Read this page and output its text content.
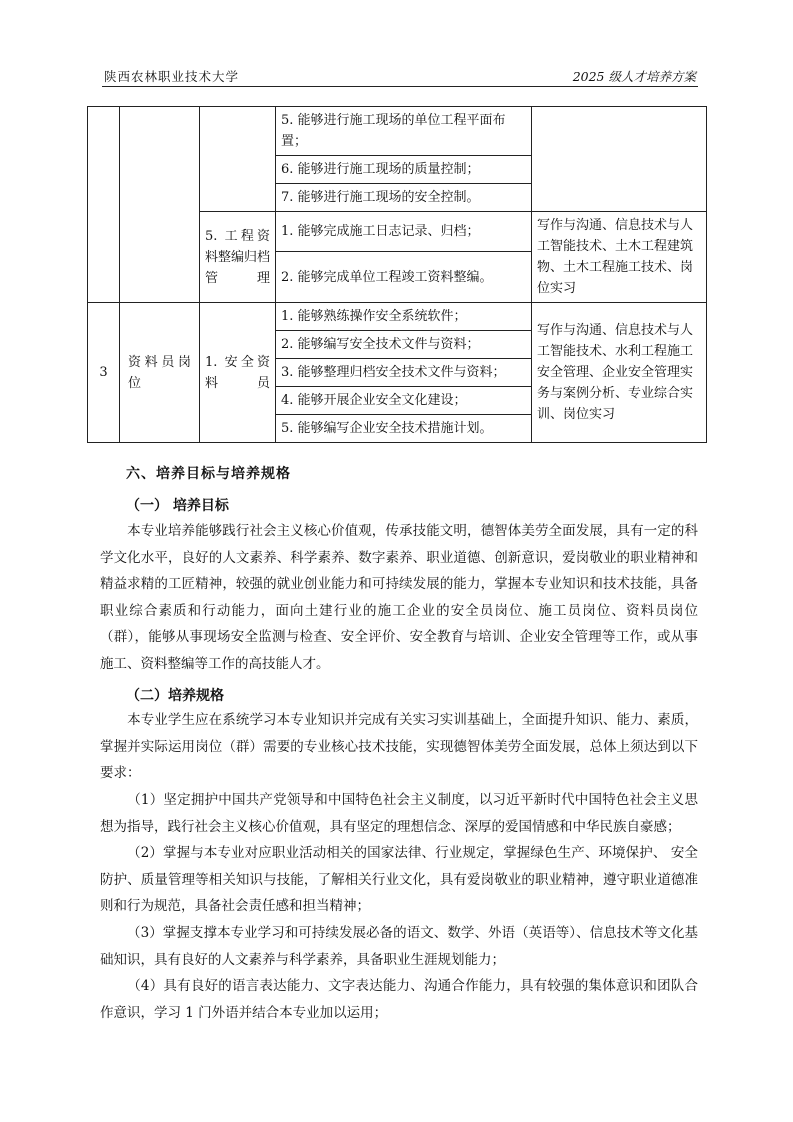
陕西农林职业技术大学	2025 级人才培养方案
			5. 能够进行施工现场的单位工程平面布置；	
			6. 能够进行施工现场的质量控制；	
			7. 能够进行施工现场的安全控制。	
		5. 工程资料整编归档管理	1. 能够完成施工日志记录、归档；	写作与沟通、信息技术与人工智能技术、土木工程建筑物、土木工程施工技术、岗位实习
			2. 能够完成单位工程竣工资料整编。	
3	资料员岗位	1. 安全资料员	1. 能够熟练操作安全系统软件；	写作与沟通、信息技术与人工智能技术、水利工程施工安全管理、企业安全管理实务与案例分析、专业综合实训、岗位实习
			2. 能够编写安全技术文件与资料；	
			3. 能够整理归档安全技术文件与资料；	
			4. 能够开展企业安全文化建设；	
			5. 能够编写企业安全技术措施计划。	
六、培养目标与培养规格
（一） 培养目标
本专业培养能够践行社会主义核心价值观，传承技能文明，德智体美劳全面发展，具有一定的科学文化水平，良好的人文素养、科学素养、数字素养、职业道德、创新意识，爱岗敬业的职业精神和精益求精的工匠精神，较强的就业创业能力和可持续发展的能力，掌握本专业知识和技术技能，具备职业综合素质和行动能力，面向土建行业的施工企业的安全员岗位、施工员岗位、资料员岗位（群），能够从事现场安全监测与检查、安全评价、安全教育与培训、企业安全管理等工作，或从事施工、资料整编等工作的高技能人才。
（二）培养规格
本专业学生应在系统学习本专业知识并完成有关实习实训基础上，全面提升知识、能力、素质，掌握并实际运用岗位（群）需要的专业核心技术技能，实现德智体美劳全面发展，总体上须达到以下要求：
（1）坚定拥护中国共产党领导和中国特色社会主义制度，以习近平新时代中国特色社会主义思想为指导，践行社会主义核心价值观，具有坚定的理想信念、深厚的爱国情感和中华民族自豪感；
（2）掌握与本专业对应职业活动相关的国家法律、行业规定，掌握绿色生产、环境保护、 安全防护、质量管理等相关知识与技能，了解相关行业文化，具有爱岗敬业的职业精神，遵守职业道德准则和行为规范，具备社会责任感和担当精神；
（3）掌握支撑本专业学习和可持续发展必备的语文、数学、外语（英语等）、信息技术等文化基础知识，具有良好的人文素养与科学素养，具备职业生涯规划能力；
（4）具有良好的语言表达能力、文字表达能力、沟通合作能力，具有较强的集体意识和团队合作意识，学习 1 门外语并结合本专业加以运用；
